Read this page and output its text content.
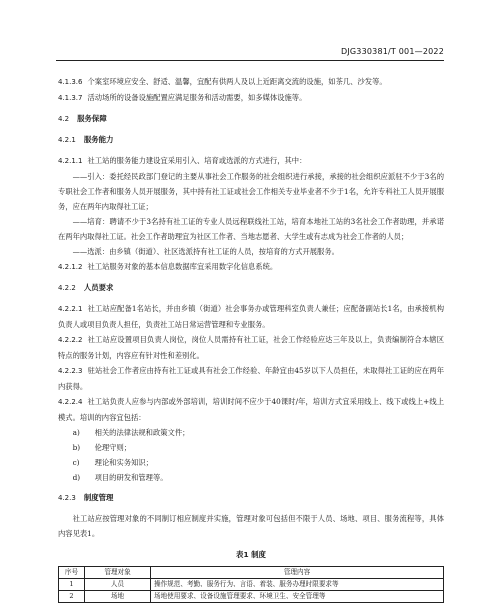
DJG330381/T 001—2022

4.1.3.6 个案室环境应安全、舒适、温馨，宜配有供两人及以上近距离交流的设施，如茶几、沙发等。

4.1.3.7 活动场所的设备设施配置应满足服务和活动需要，如多媒体设施等。

4.2 服务保障
4.2.1 服务能力

4.2.1.1 社工站的服务能力建设宜采用引入、培育或选派的方式进行，其中：

——引入：委托经民政部门登记的主要从事社会工作服务的社会组织进行承接，承接的社会组织应派驻不少于3名的专职社会工作者和服务人员开展服务，其中持有社工证或社会工作相关专业毕业者不少于1名，允许专科社工人员开展服务，应在两年内取得社工证；

——培育：聘请不少于3名持有社工证的专业人员远程联线社工站，培育本地社工站的3名社会工作者助理，并承诺在两年内取得社工证。社会工作者助理宜为社区工作者、当地志愿者、大学生或有志成为社会工作者的人员；

——选派：由乡镇（街道）、社区选派持有社工证的人员，按培育的方式开展服务。

4.2.1.2 社工站服务对象的基本信息数据库宜采用数字化信息系统。

4.2.2 人员要求

4.2.2.1 社工站应配备1名站长，并由乡镇（街道）社会事务办或管理科室负责人兼任；应配备副站长1名，由承接机构负责人或项目负责人担任，负责社工站日常运营管理和专业服务。

4.2.2.2 社工站应设置项目负责人岗位，岗位人员需持有社工证，社会工作经验应达三年及以上，负责编制符合本辖区特点的服务计划，内容应有针对性和差别化。

4.2.2.3 驻站社会工作者应由持有社工证或具有社会工作经验、年龄宜由45岁以下人员担任，未取得社工证的应在两年内获得。

4.2.2.4 社工站负责人应参与内部或外部培训，培训时间不应少于40课时/年，培训方式宜采用线上、线下或线上+线上模式。培训的内容宜包括：

a) 相关的法律法规和政策文件；
b) 伦理守则；
c) 理论和实务知识；
d) 项目的研发和管理等。
4.2.3 制度管理

社工站应按管理对象的不同制订相应制度并实施，管理对象可包括但不限于人员、场地、项目、服务流程等，具体内容见表1。

表1 制度
序号	管理对象	管理内容
1	人员	操作规范、考勤、服务行为、言语、着装、服务办理时限要求等
2	场地	场地使用要求、设备设施管理要求、环境卫生、安全管理等
